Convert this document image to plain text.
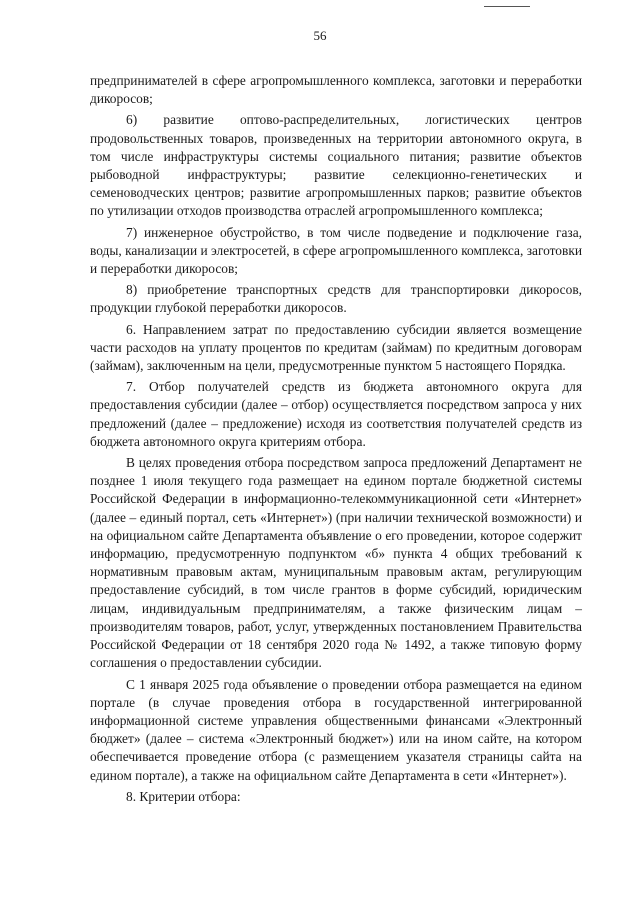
56

предпринимателей в сфере агропромышленного комплекса, заготовки и переработки дикоросов;

6) развитие оптово-распределительных, логистических центров продовольственных товаров, произведенных на территории автономного округа, в том числе инфраструктуры системы социального питания; развитие объектов рыбоводной инфраструктуры; развитие селекционно-генетических и семеноводческих центров; развитие агропромышленных парков; развитие объектов по утилизации отходов производства отраслей агропромышленного комплекса;

7) инженерное обустройство, в том числе подведение и подключение газа, воды, канализации и электросетей, в сфере агропромышленного комплекса, заготовки и переработки дикоросов;

8) приобретение транспортных средств для транспортировки дикоросов, продукции глубокой переработки дикоросов.

6. Направлением затрат по предоставлению субсидии является возмещение части расходов на уплату процентов по кредитам (займам) по кредитным договорам (займам), заключенным на цели, предусмотренные пунктом 5 настоящего Порядка.

7. Отбор получателей средств из бюджета автономного округа для предоставления субсидии (далее – отбор) осуществляется посредством запроса у них предложений (далее – предложение) исходя из соответствия получателей средств из бюджета автономного округа критериям отбора.

В целях проведения отбора посредством запроса предложений Департамент не позднее 1 июля текущего года размещает на едином портале бюджетной системы Российской Федерации в информационно-телекоммуникационной сети «Интернет» (далее – единый портал, сеть «Интернет») (при наличии технической возможности) и на официальном сайте Департамента объявление о его проведении, которое содержит информацию, предусмотренную подпунктом «б» пункта 4 общих требований к нормативным правовым актам, муниципальным правовым актам, регулирующим предоставление субсидий, в том числе грантов в форме субсидий, юридическим лицам, индивидуальным предпринимателям, а также физическим лицам – производителям товаров, работ, услуг, утвержденных постановлением Правительства Российской Федерации от 18 сентября 2020 года № 1492, а также типовую форму соглашения о предоставлении субсидии.

С 1 января 2025 года объявление о проведении отбора размещается на едином портале (в случае проведения отбора в государственной интегрированной информационной системе управления общественными финансами «Электронный бюджет» (далее – система «Электронный бюджет») или на ином сайте, на котором обеспечивается проведение отбора (с размещением указателя страницы сайта на едином портале), а также на официальном сайте Департамента в сети «Интернет»).

8. Критерии отбора:
